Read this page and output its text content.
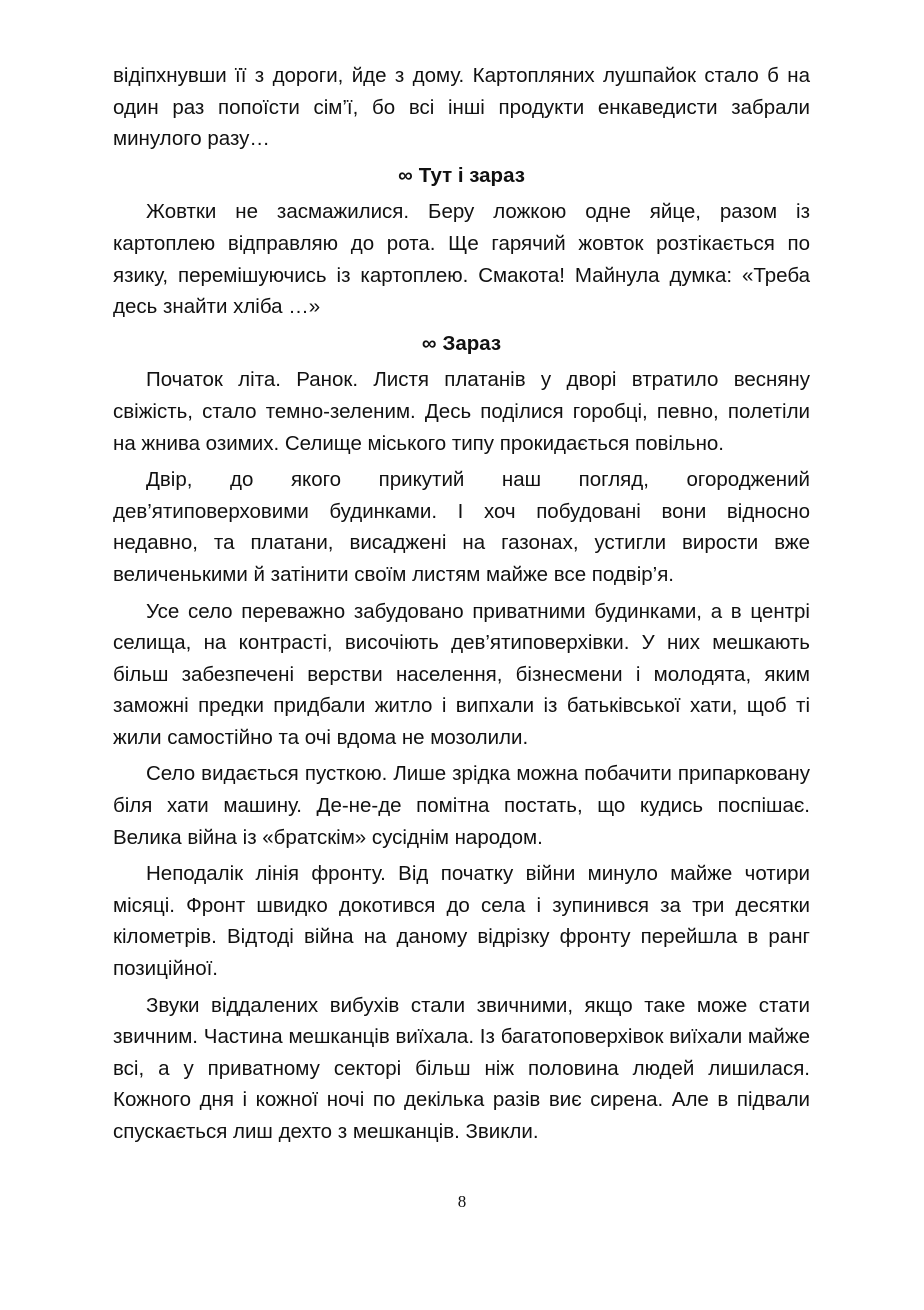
відіпхнувши її з дороги, йде з дому. Картопляних лушпайок стало б на один раз попоїсти сім’ї, бо всі інші продукти енкаведисти забрали минулого разу…

∞ Тут і зараз

Жовтки не засмажилися. Беру ложкою одне яйце, разом із картоплею відправляю до рота. Ще гарячий жовток розтікається по язику, перемішуючись із картоплею. Смакота! Майнула думка: «Треба десь знайти хліба …»

∞ Зараз

Початок літа. Ранок. Листя платанів у дворі втратило весняну свіжість, стало темно-зеленим. Десь поділися горобці, певно, полетіли на жнива озимих. Селище міського типу прокидається повільно.

Двір, до якого прикутий наш погляд, огороджений дев’ятиповерховими будинками. І хоч побудовані вони відносно недавно, та платани, висаджені на газонах, устигли вирости вже величенькими й затінити своїм листям майже все подвір’я.

Усе село переважно забудовано приватними будинками, а в центрі селища, на контрасті, височіють дев’ятиповерхівки. У них мешкають більш забезпечені верстви населення, бізнесмени і молодята, яким заможні предки придбали житло і випхали із батьківської хати, щоб ті жили самостійно та очі вдома не мозолили.

Село видається пусткою. Лише зрідка можна побачити припарковану біля хати машину. Де-не-де помітна постать, що кудись поспішає. Велика війна із «братскім» сусіднім народом.

Неподалік лінія фронту. Від початку війни минуло майже чотири місяці. Фронт швидко докотився до села і зупинився за три десятки кілометрів. Відтоді війна на даному відрізку фронту перейшла в ранг позиційної.

Звуки віддалених вибухів стали звичними, якщо таке може стати звичним. Частина мешканців виїхала. Із багатоповерхівок виїхали майже всі, а у приватному секторі більш ніж половина людей лишилася. Кожного дня і кожної ночі по декілька разів виє сирена. Але в підвали спускається лиш дехто з мешканців. Звикли.

8
